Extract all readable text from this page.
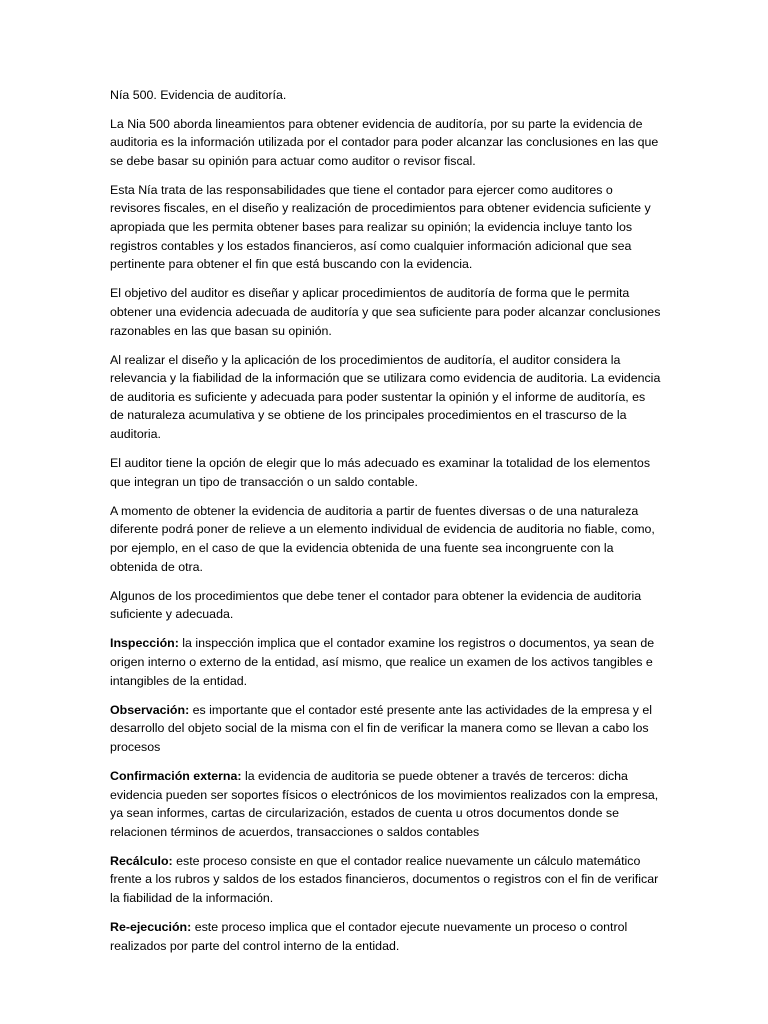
Nía 500. Evidencia de auditoría.

La Nia 500 aborda lineamientos para obtener evidencia de auditoría, por su parte la evidencia de auditoria es la información utilizada por el contador para poder alcanzar las conclusiones en las que se debe basar su opinión para actuar como auditor o revisor fiscal.

Esta Nía trata de las responsabilidades que tiene el contador para ejercer como auditores o revisores fiscales, en el diseño y realización de procedimientos para obtener evidencia suficiente y apropiada que les permita obtener bases para realizar su opinión; la evidencia incluye tanto los registros contables y los estados financieros, así como cualquier información adicional que sea pertinente para obtener el fin que está buscando con la evidencia.

El objetivo del auditor es diseñar y aplicar procedimientos de auditoría de forma que le permita obtener una evidencia adecuada de auditoría y que sea suficiente para poder alcanzar conclusiones razonables en las que basan su opinión.

Al realizar el diseño y la aplicación de los procedimientos de auditoría, el auditor considera la relevancia y la fiabilidad de la información que se utilizara como evidencia de auditoria. La evidencia de auditoria es suficiente y adecuada para poder sustentar la opinión y el informe de auditoría, es de naturaleza acumulativa y se obtiene de los principales procedimientos en el trascurso de la auditoria.

El auditor tiene la opción de elegir que lo más adecuado es examinar la totalidad de los elementos que integran un tipo de transacción o un saldo contable.

A momento de obtener la evidencia de auditoria a partir de fuentes diversas o de una naturaleza diferente podrá poner de relieve a un elemento individual de evidencia de auditoria no fiable, como, por ejemplo, en el caso de que la evidencia obtenida de una fuente sea incongruente con la obtenida de otra.

Algunos de los procedimientos que debe tener el contador para obtener la evidencia de auditoria suficiente y adecuada.

Inspección: la inspección implica que el contador examine los registros o documentos, ya sean de origen interno o externo de la entidad, así mismo, que realice un examen de los activos tangibles e intangibles de la entidad.

Observación: es importante que el contador esté presente ante las actividades de la empresa y el desarrollo del objeto social de la misma con el fin de verificar la manera como se llevan a cabo los procesos

Confirmación externa: la evidencia de auditoria se puede obtener a través de terceros: dicha evidencia pueden ser soportes físicos o electrónicos de los movimientos realizados con la empresa, ya sean informes, cartas de circularización, estados de cuenta u otros documentos donde se relacionen términos de acuerdos, transacciones o saldos contables

Recálculo: este proceso consiste en que el contador realice nuevamente un cálculo matemático frente a los rubros y saldos de los estados financieros, documentos o registros con el fin de verificar la fiabilidad de la información.

Re-ejecución: este proceso implica que el contador ejecute nuevamente un proceso o control realizados por parte del control interno de la entidad.
